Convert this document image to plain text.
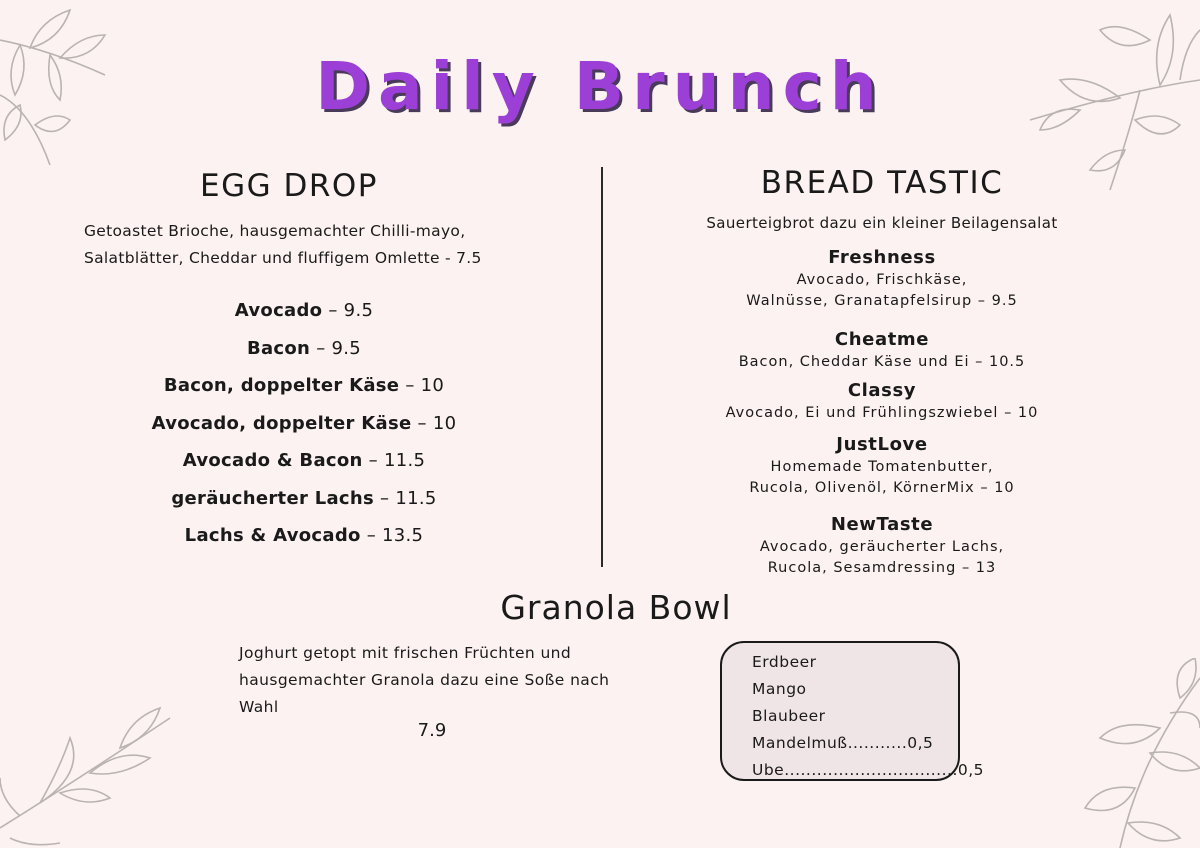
Daily Brunch
EGG DROP
Getoastet Brioche, hausgemachter Chilli-mayo,
Salatblätter, Cheddar und fluffigem Omlette - 7.5
Avocado – 9.5
Bacon – 9.5
Bacon, doppelter Käse – 10
Avocado, doppelter Käse – 10
Avocado & Bacon – 11.5
geräucherter Lachs – 11.5
Lachs & Avocado – 13.5
BREAD TASTIC
Sauerteigbrot dazu ein kleiner Beilagensalat
Freshness
Avocado, Frischkäse,
Walnüsse, Granatapfelsirup – 9.5
Cheatme
Bacon, Cheddar Käse und Ei – 10.5
Classy
Avocado, Ei und Frühlingszwiebel – 10
JustLove
Homemade Tomatenbutter,
Rucola, Olivenöl, KörnerMix – 10
NewTaste
Avocado, geräucherter Lachs,
Rucola, Sesamdressing – 13
Granola Bowl
Joghurt getopt mit frischen Früchten und
hausgemachter Granola dazu eine Soße nach
Wahl
7.9
Erdbeer
Mango
Blaubeer
Mandelmuß...........0,5
Ube................................0,5
